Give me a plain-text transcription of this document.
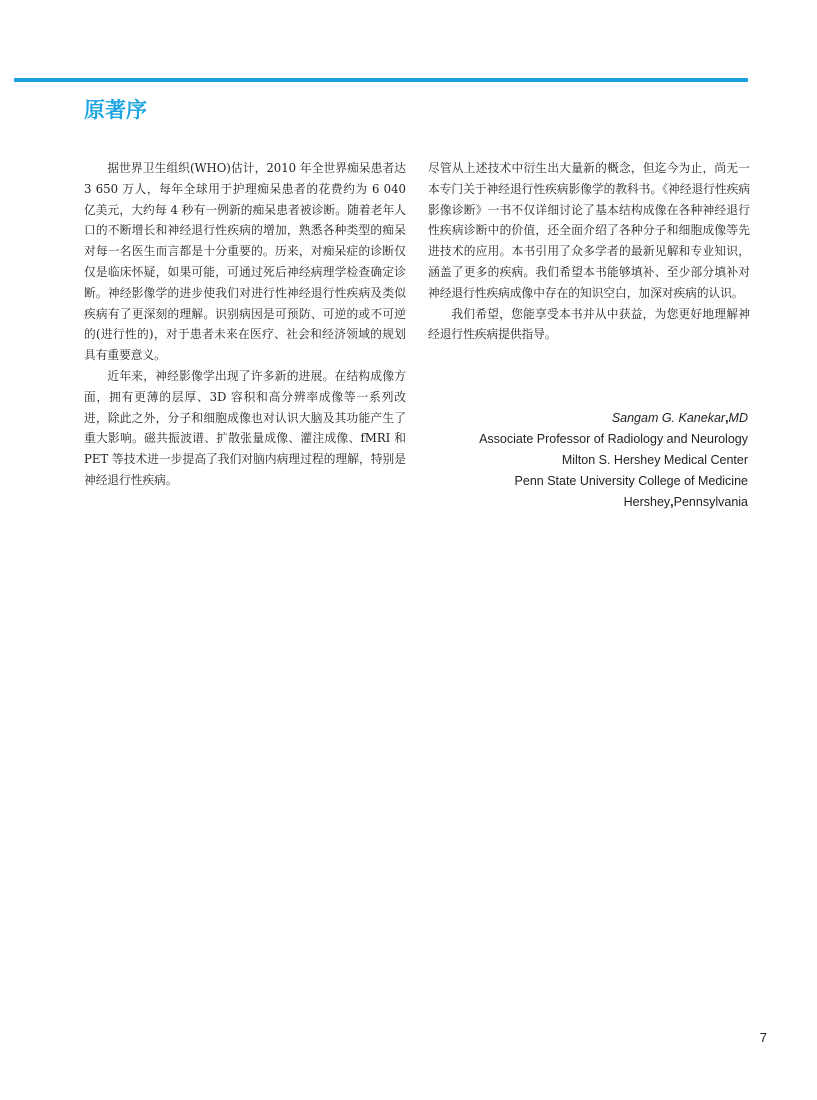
原著序

据世界卫生组织(WHO)估计，2010 年全世界痴呆患者达 3 650 万人，每年全球用于护理痴呆患者的花费约为 6 040 亿美元，大约每 4 秒有一例新的痴呆患者被诊断。随着老年人口的不断增长和神经退行性疾病的增加，熟悉各种类型的痴呆对每一名医生而言都是十分重要的。历来，对痴呆症的诊断仅仅是临床怀疑，如果可能，可通过死后神经病理学检查确定诊断。神经影像学的进步使我们对进行性神经退行性疾病及类似疾病有了更深刻的理解。识别病因是可预防、可逆的或不可逆的(进行性的)，对于患者未来在医疗、社会和经济领域的规划具有重要意义。

近年来，神经影像学出现了许多新的进展。在结构成像方面，拥有更薄的层厚、3D 容积和高分辨率成像等一系列改进，除此之外，分子和细胞成像也对认识大脑及其功能产生了重大影响。磁共振波谱、扩散张量成像、灌注成像、fMRI 和 PET 等技术进一步提高了我们对脑内病理过程的理解，特别是神经退行性疾病。

尽管从上述技术中衍生出大量新的概念，但迄今为止，尚无一本专门关于神经退行性疾病影像学的教科书。《神经退行性疾病影像诊断》一书不仅详细讨论了基本结构成像在各种神经退行性疾病诊断中的价值，还全面介绍了各种分子和细胞成像等先进技术的应用。本书引用了众多学者的最新见解和专业知识，涵盖了更多的疾病。我们希望本书能够填补、至少部分填补对神经退行性疾病成像中存在的知识空白，加深对疾病的认识。

我们希望，您能享受本书并从中获益，为您更好地理解神经退行性疾病提供指导。

Sangam G. Kanekar,MD
Associate Professor of Radiology and Neurology
Milton S. Hershey Medical Center
Penn State University College of Medicine
Hershey,Pennsylvania
7
